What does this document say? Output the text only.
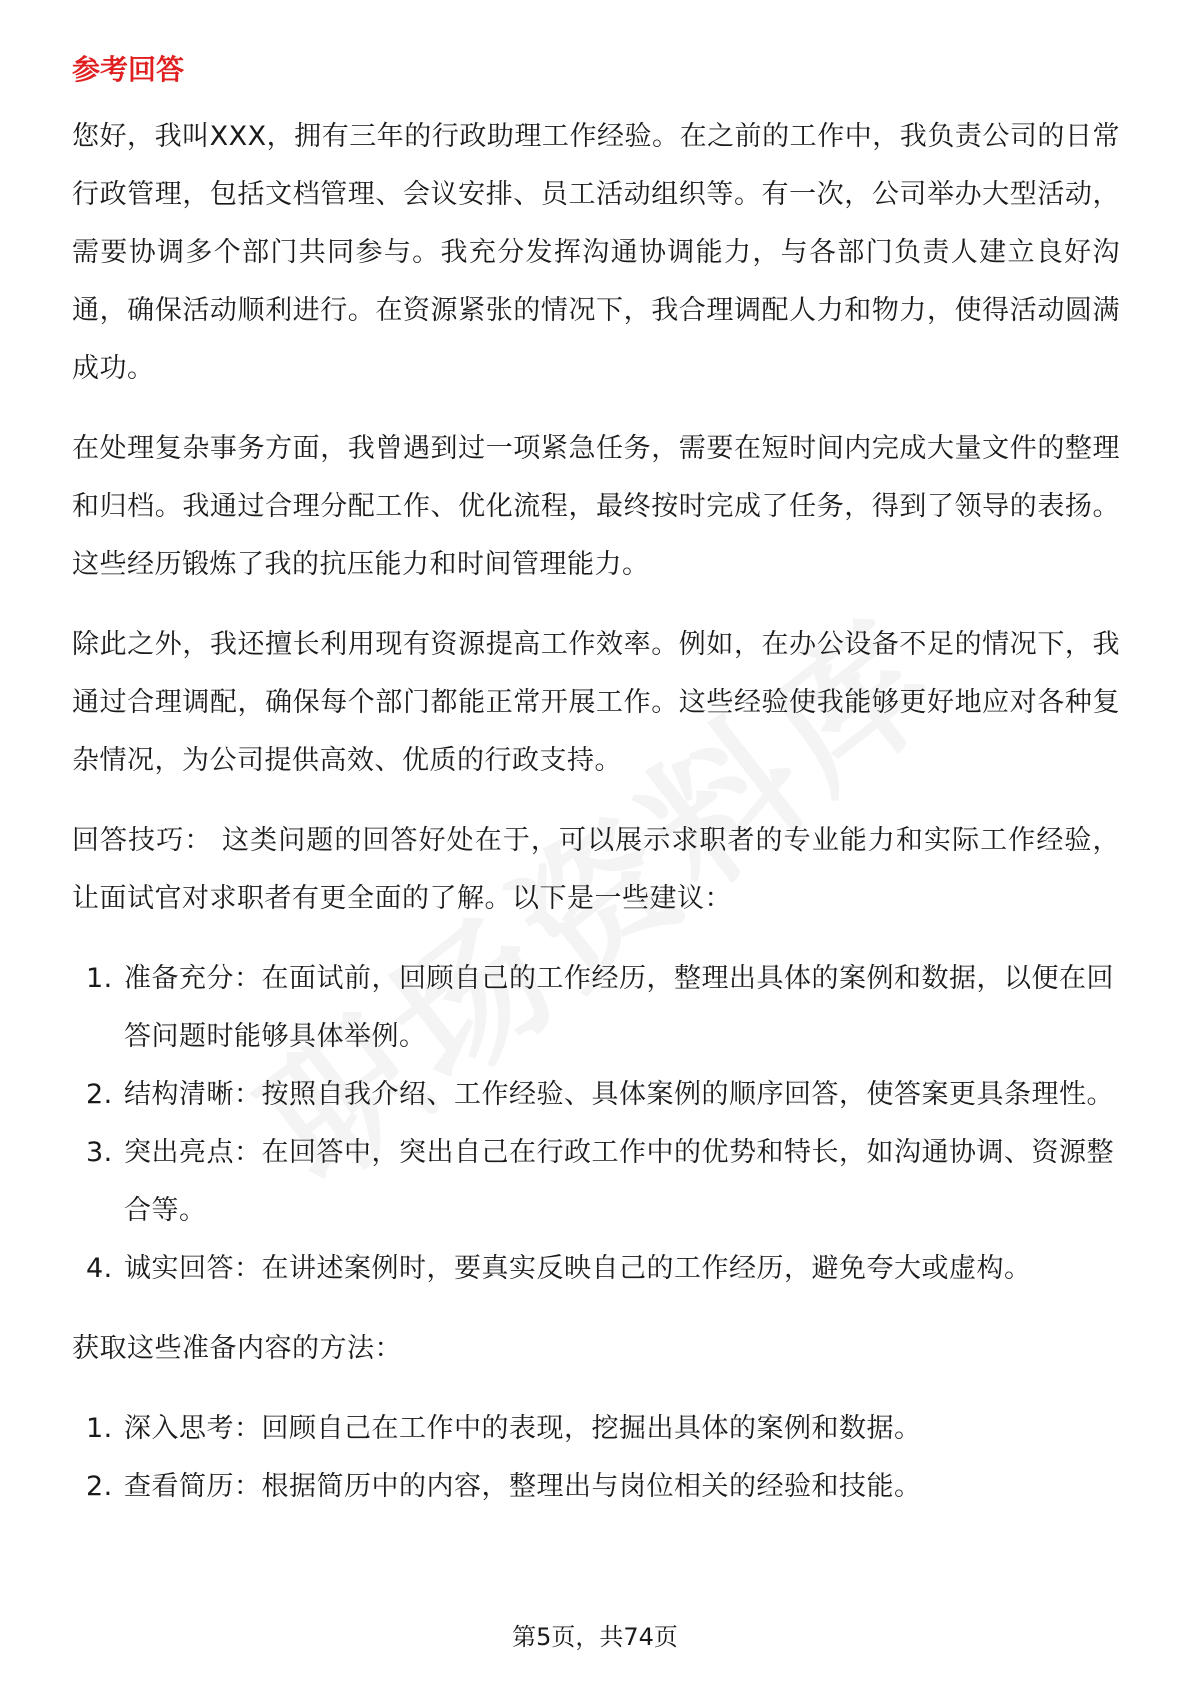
参考回答

您好，我叫XXX，拥有三年的行政助理工作经验。在之前的工作中，我负责公司的日常行政管理，包括文档管理、会议安排、员工活动组织等。有一次，公司举办大型活动，需要协调多个部门共同参与。我充分发挥沟通协调能力，与各部门负责人建立良好沟通，确保活动顺利进行。在资源紧张的情况下，我合理调配人力和物力，使得活动圆满成功。

在处理复杂事务方面，我曾遇到过一项紧急任务，需要在短时间内完成大量文件的整理和归档。我通过合理分配工作、优化流程，最终按时完成了任务，得到了领导的表扬。这些经历锻炼了我的抗压能力和时间管理能力。

除此之外，我还擅长利用现有资源提高工作效率。例如，在办公设备不足的情况下，我通过合理调配，确保每个部门都能正常开展工作。这些经验使我能够更好地应对各种复杂情况，为公司提供高效、优质的行政支持。

回答技巧： 这类问题的回答好处在于，可以展示求职者的专业能力和实际工作经验，让面试官对求职者有更全面的了解。以下是一些建议：

1. 准备充分：在面试前，回顾自己的工作经历，整理出具体的案例和数据，以便在回答问题时能够具体举例。
2. 结构清晰：按照自我介绍、工作经验、具体案例的顺序回答，使答案更具条理性。
3. 突出亮点：在回答中，突出自己在行政工作中的优势和特长，如沟通协调、资源整合等。
4. 诚实回答：在讲述案例时，要真实反映自己的工作经历，避免夸大或虚构。

获取这些准备内容的方法：

1. 深入思考：回顾自己在工作中的表现，挖掘出具体的案例和数据。
2. 查看简历：根据简历中的内容，整理出与岗位相关的经验和技能。
第5页，共74页
